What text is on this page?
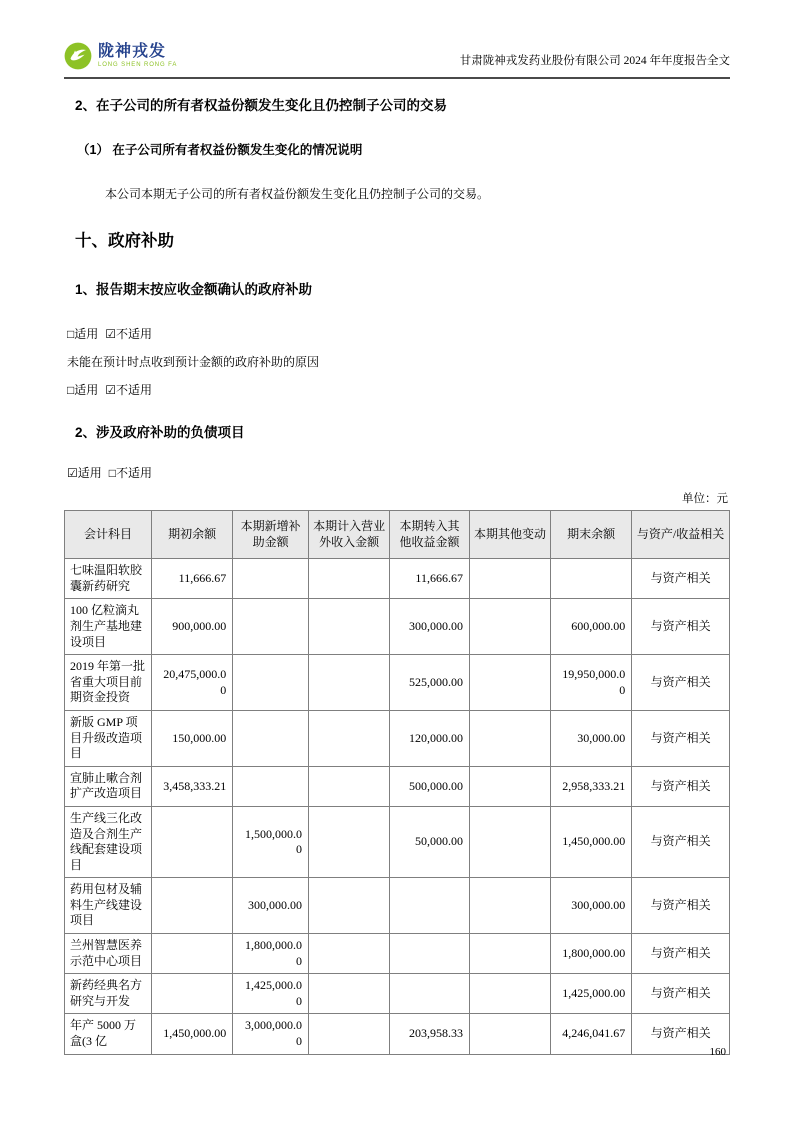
陇神戎发
LONG SHEN RONG FA	甘肃陇神戎发药业股份有限公司 2024 年年度报告全文
2、在子公司的所有者权益份额发生变化且仍控制子公司的交易
（1） 在子公司所有者权益份额发生变化的情况说明
本公司本期无子公司的所有者权益份额发生变化且仍控制子公司的交易。
十、政府补助
1、报告期末按应收金额确认的政府补助
□适用 ☑不适用
未能在预计时点收到预计金额的政府补助的原因
□适用 ☑不适用
2、涉及政府补助的负债项目
☑适用 □不适用
单位：元
会计科目	期初余额	本期新增补助金额	本期计入营业外收入金额	本期转入其他收益金额	本期其他变动	期末余额	与资产/收益相关
七味温阳软胶囊新药研究	11,666.67			11,666.67			与资产相关
100 亿粒滴丸剂生产基地建设项目	900,000.00			300,000.00		600,000.00	与资产相关
2019 年第一批省重大项目前期资金投资	20,475,000.00			525,000.00		19,950,000.00	与资产相关
新版 GMP 项目升级改造项目	150,000.00			120,000.00		30,000.00	与资产相关
宣肺止嗽合剂扩产改造项目	3,458,333.21			500,000.00		2,958,333.21	与资产相关
生产线三化改造及合剂生产线配套建设项目		1,500,000.00		50,000.00		1,450,000.00	与资产相关
药用包材及辅料生产线建设项目		300,000.00				300,000.00	与资产相关
兰州智慧医养示范中心项目		1,800,000.00				1,800,000.00	与资产相关
新药经典名方研究与开发		1,425,000.00				1,425,000.00	与资产相关
年产 5000 万盒(3 亿	1,450,000.00	3,000,000.00		203,958.33		4,246,041.67	与资产相关
160
